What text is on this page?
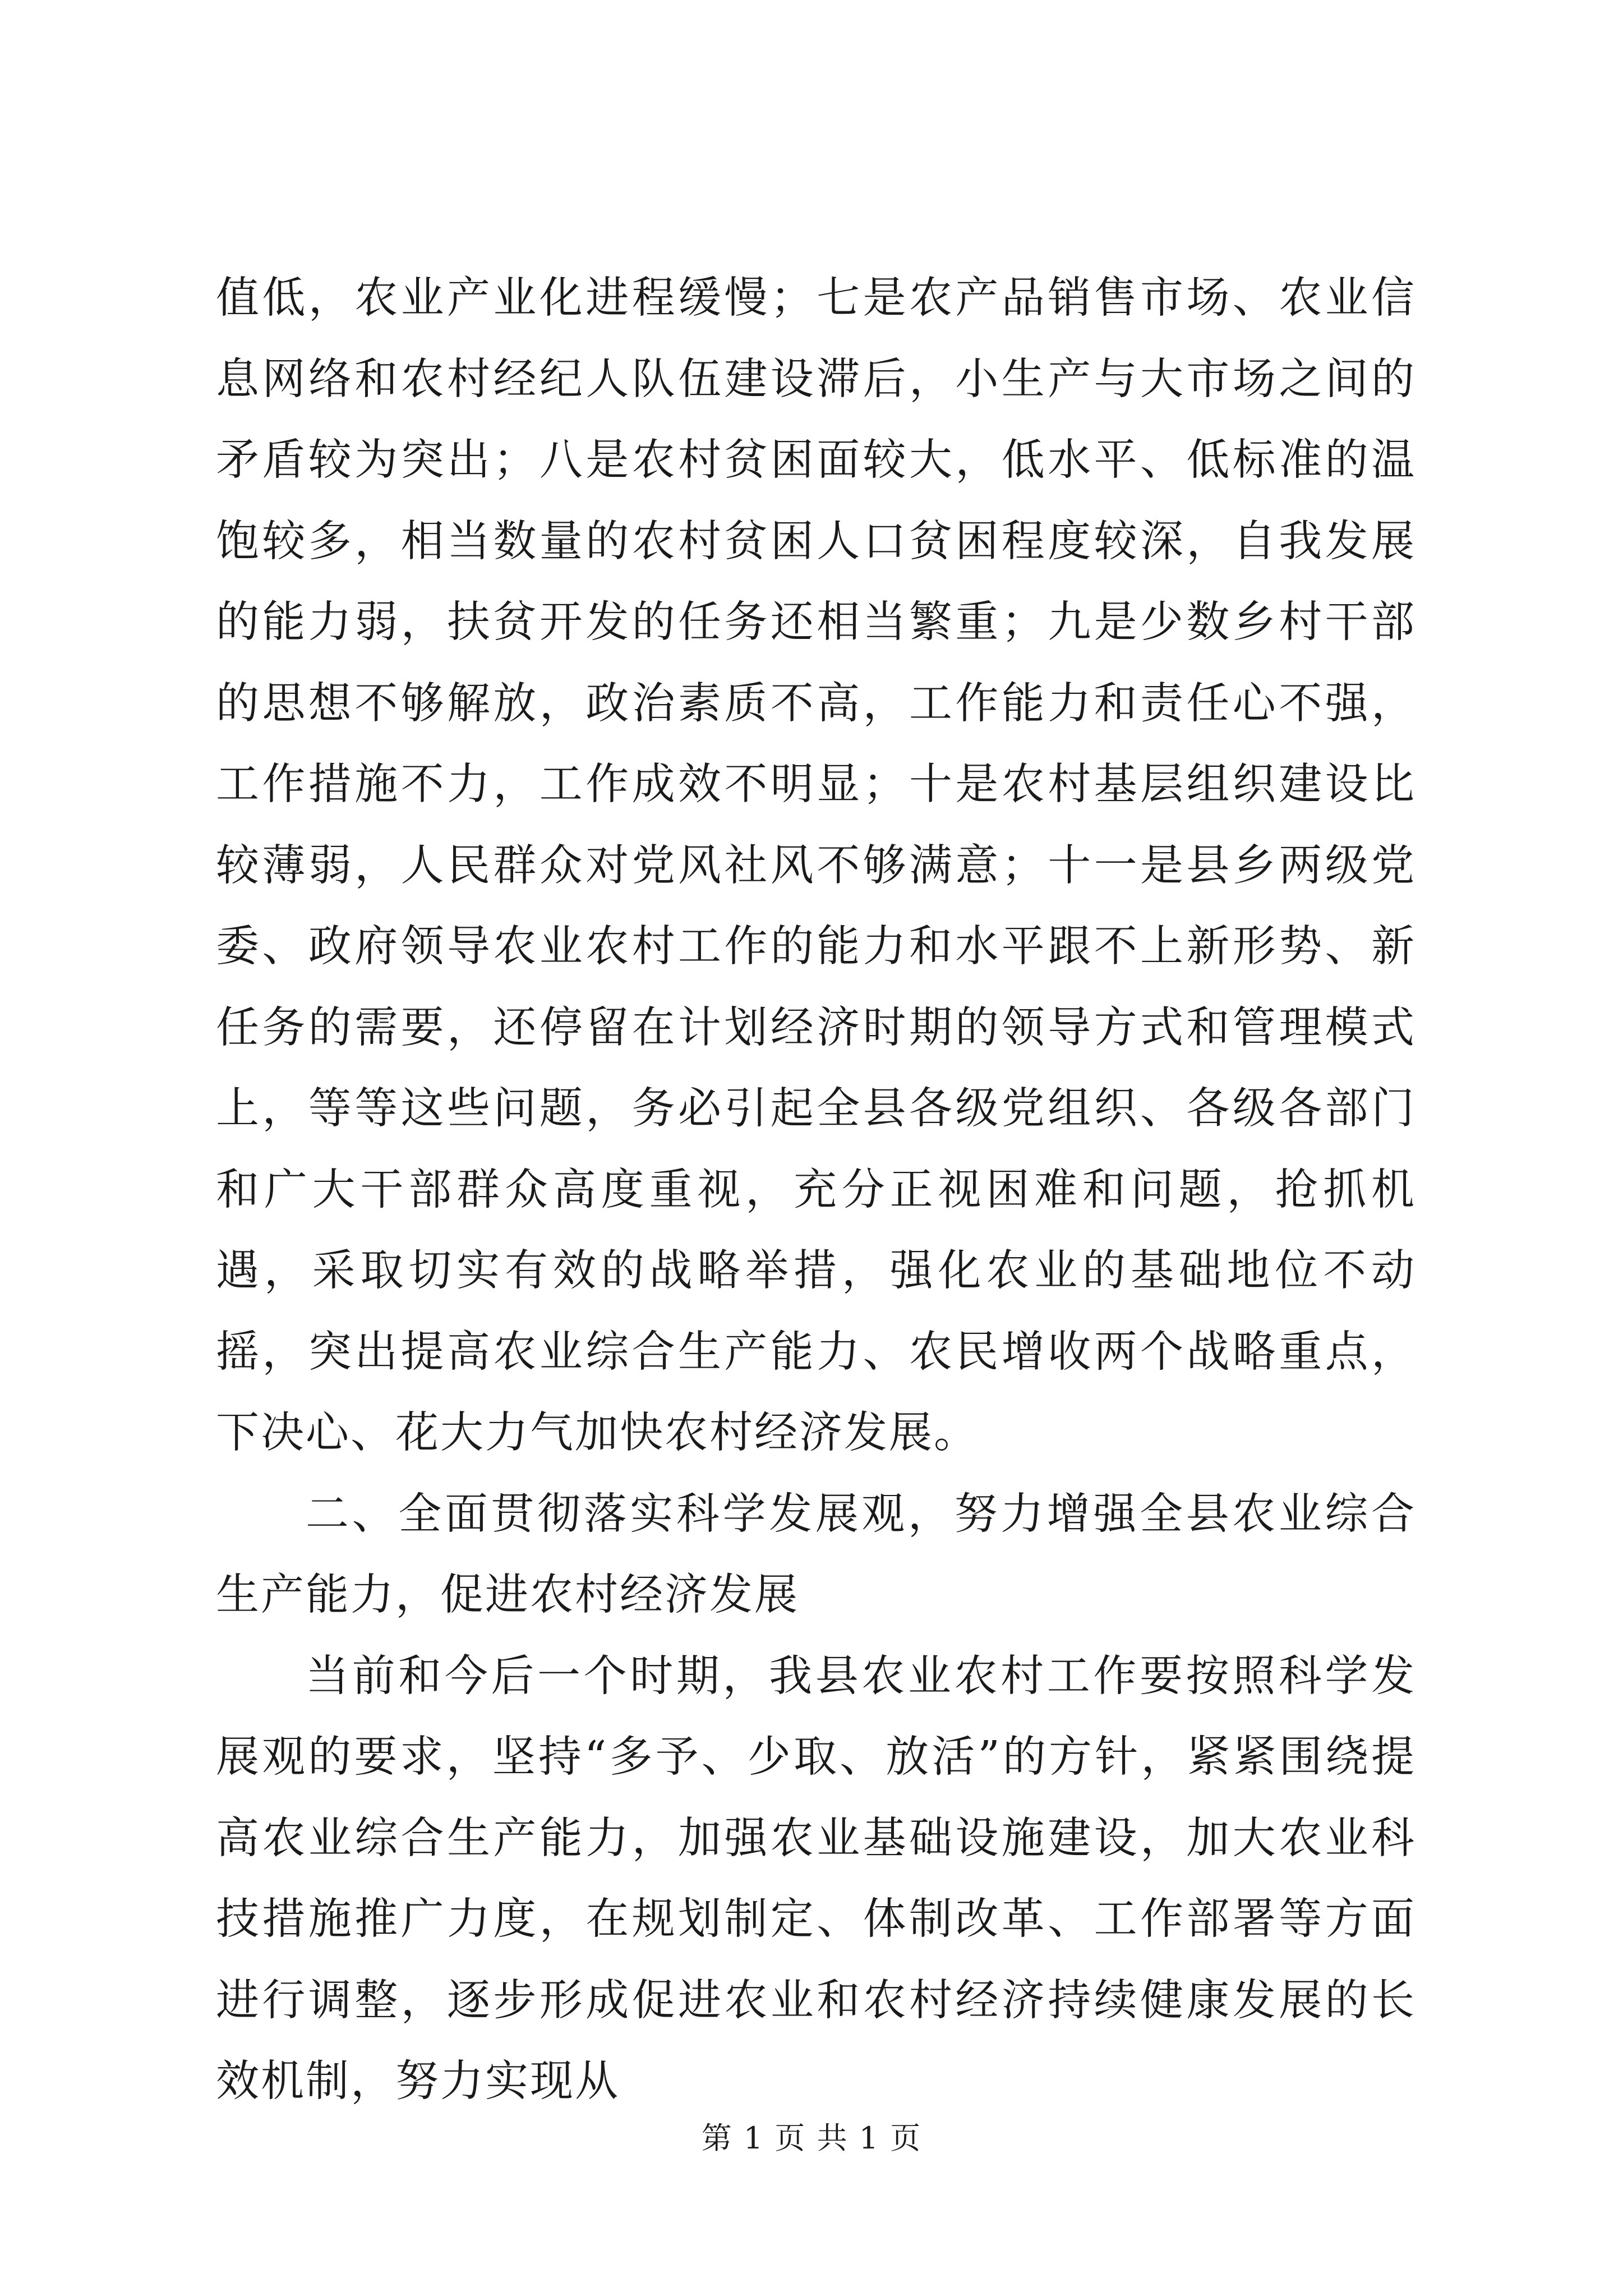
值低，农业产业化进程缓慢；七是农产品销售市场、农业信息网络和农村经纪人队伍建设滞后，小生产与大市场之间的矛盾较为突出；八是农村贫困面较大，低水平、低标准的温饱较多，相当数量的农村贫困人口贫困程度较深，自我发展的能力弱，扶贫开发的任务还相当繁重；九是少数乡村干部的思想不够解放，政治素质不高，工作能力和责任心不强，工作措施不力，工作成效不明显；十是农村基层组织建设比较薄弱，人民群众对党风社风不够满意；十一是县乡两级党委、政府领导农业农村工作的能力和水平跟不上新形势、新任务的需要，还停留在计划经济时期的领导方式和管理模式上，等等这些问题，务必引起全县各级党组织、各级各部门和广大干部群众高度重视，充分正视困难和问题，抢抓机遇，采取切实有效的战略举措，强化农业的基础地位不动摇，突出提高农业综合生产能力、农民增收两个战略重点，下决心、花大力气加快农村经济发展。

二、全面贯彻落实科学发展观，努力增强全县农业综合生产能力，促进农村经济发展

当前和今后一个时期，我县农业农村工作要按照科学发展观的要求，坚持“多予、少取、放活”的方针，紧紧围绕提高农业综合生产能力，加强农业基础设施建设，加大农业科技措施推广力度，在规划制定、体制改革、工作部署等方面进行调整，逐步形成促进农业和农村经济持续健康发展的长效机制，努力实现从

第 1 页 共 1 页
